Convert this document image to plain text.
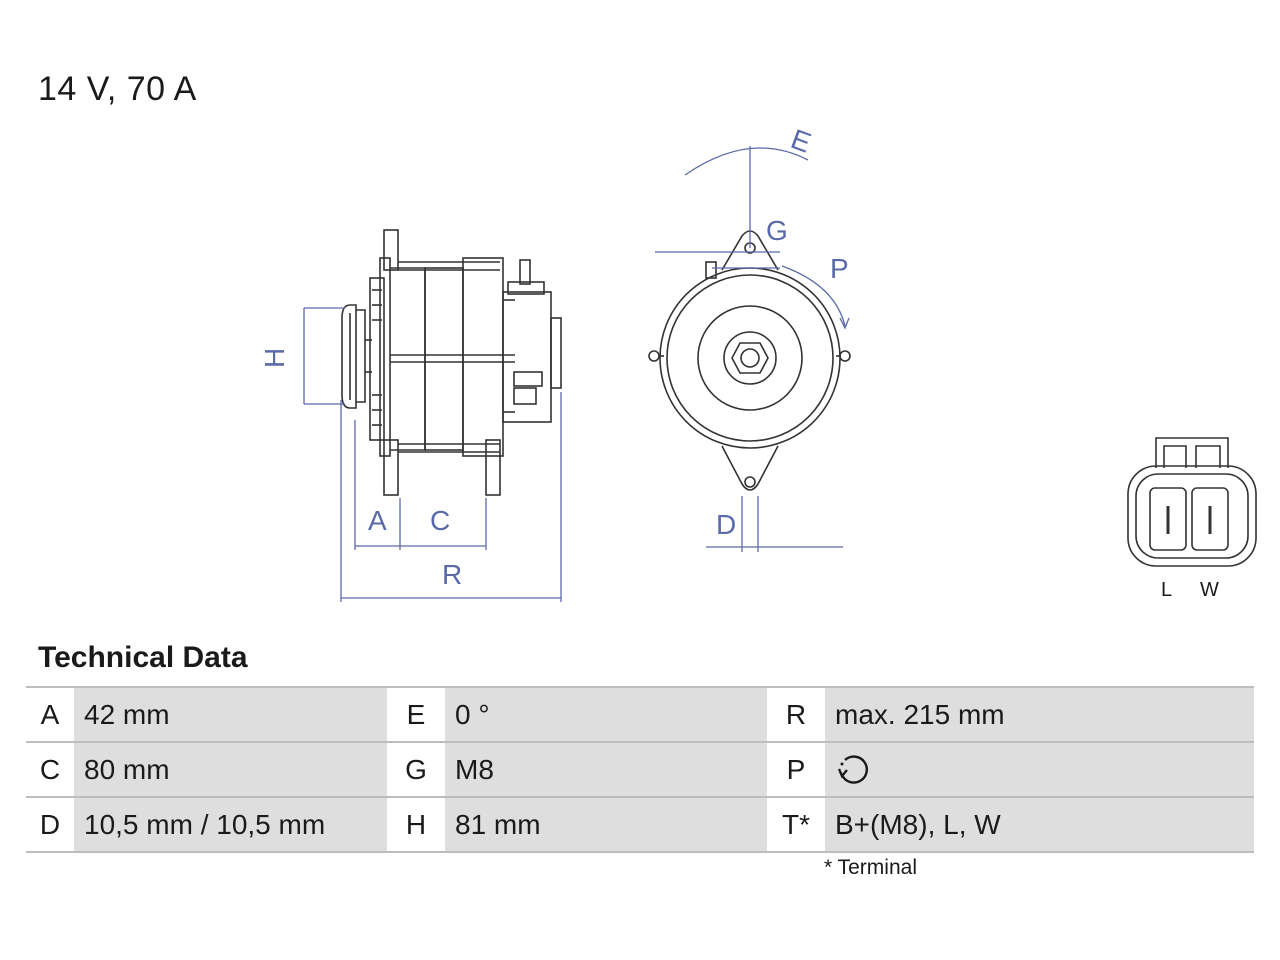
14 V, 70 A
H
A C
R
D
G
P
E
L W
Technical Data
A	42 mm	E	0 °	R	max. 215 mm
C	80 mm	G	M8	P	
D	10,5 mm / 10,5 mm	H	81 mm	T*	B+(M8), L, W
* Terminal
